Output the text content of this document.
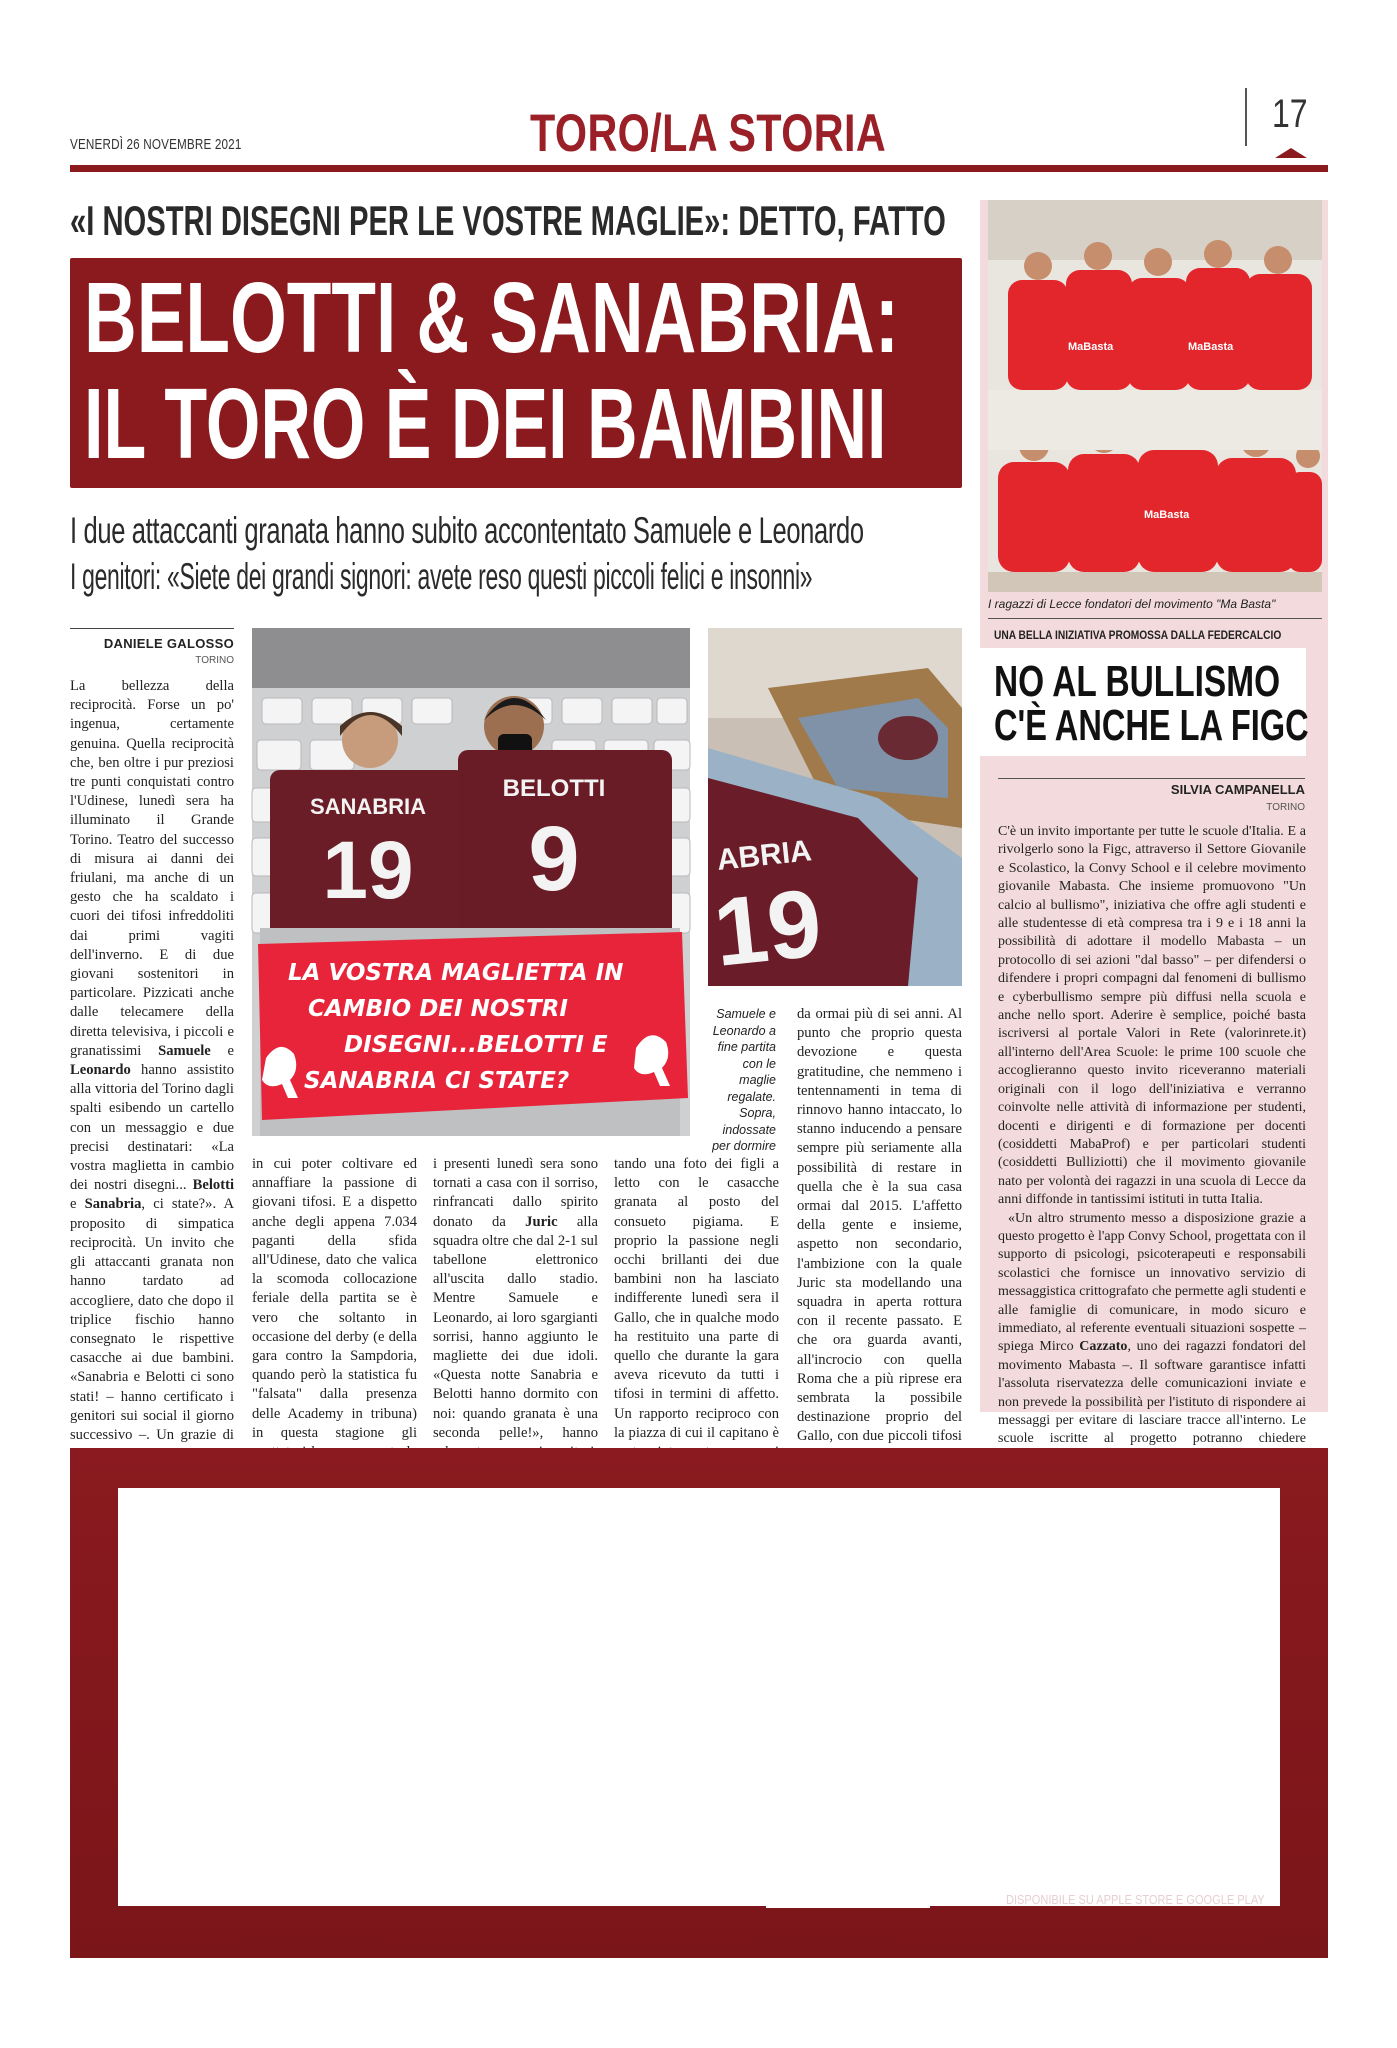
VENERDÌ 26 NOVEMBRE 2021	TORO/LA STORIA	17
«I NOSTRI DISEGNI PER LE VOSTRE MAGLIE»: DETTO, FATTO
BELOTTI & SANABRIA:
IL TORO È DEI BAMBINI
I due attaccanti granata hanno subito accontentato Samuele e Leonardo
I genitori: «Siete dei grandi signori: avete reso questi piccoli felici e insonni»
DANIELE GALOSSO
TORINO
SANABRIA
19
BELOTTI
9
LA VOSTRA MAGLIETTA IN
CAMBIO DEI NOSTRI
DISEGNI...BELOTTI E
SANABRIA CI STATE?
ABRIA
19
Samuele e Leonardo a fine partita con le maglie regalate. Sopra, indossate per dormire
La bellezza della reciprocità. Forse un po' ingenua, certamente genuina. Quella reciprocità che, ben oltre i pur preziosi tre punti conquistati contro l'Udinese, lunedì sera ha illuminato il Grande Torino. Teatro del successo di misura ai danni dei friulani, ma anche di un gesto che ha scaldato i cuori dei tifosi infreddoliti dai primi vagiti dell'inverno. E di due giovani sostenitori in particolare. Pizzicati anche dalle telecamere della diretta televisiva, i piccoli e granatissimi Samuele e Leonardo hanno assistito alla vittoria del Torino dagli spalti esibendo un cartello con un messaggio e due precisi destinatari: «La vostra maglietta in cambio dei nostri disegni... Belotti e Sanabria, ci state?». A proposito di simpatica reciprocità. Un invito che gli attaccanti granata non hanno tardato ad accogliere, dato che dopo il triplice fischio hanno consegnato le rispettive casacche ai due bambini. «Sanabria e Belotti ci sono stati! – hanno certificato i genitori sui social il giorno successivo –. Un grazie di
in cui poter coltivare ed annaffiare la passione di giovani tifosi. E a dispetto anche degli appena 7.034 paganti della sfida all'Udinese, dato che valica la scomoda collocazione feriale della partita se è vero che soltanto in occasione del derby (e della gara contro la Sampdoria, quando però la statistica fu "falsata" dalla presenza delle Academy in tribuna) in questa stagione gli
i presenti lunedì sera sono tornati a casa con il sorriso, rinfrancati dallo spirito donato da Juric alla squadra oltre che dal 2-1 sul tabellone elettronico all'uscita dallo stadio. Mentre Samuele e Leonardo, ai loro sgargianti sorrisi, hanno aggiunto le magliette dei due idoli. «Questa notte Sanabria e Belotti hanno dormito con noi: quando granata è una seconda pelle!», hanno
tando una foto dei figli a letto con le casacche granata al posto del consueto pigiama. E proprio la passione negli occhi brillanti dei due bambini non ha lasciato indifferente lunedì sera il Gallo, che in qualche modo ha restituito una parte di quello che durante la gara aveva ricevuto da tutti i tifosi in termini di affetto. Un rapporto reciproco con la piazza di cui il capitano è
da ormai più di sei anni. Al punto che proprio questa devozione e questa gratitudine, che nemmeno i tentennamenti in tema di rinnovo hanno intaccato, lo stanno inducendo a pensare sempre più seriamente alla possibilità di restare in quella che è la sua casa ormai dal 2015. L'affetto della gente e insieme, aspetto non secondario, l'ambizione con la quale Juric sta modellando una squadra in aperta rottura con il recente passato. E che ora guarda avanti, all'incrocio con quella Roma che a più riprese era sembrata la possibile destinazione proprio del Gallo, con due piccoli tifosi
MaBasta	MaBasta
MaBasta
I ragazzi di Lecce fondatori del movimento "Ma Basta"
UNA BELLA INIZIATIVA PROMOSSA DALLA FEDERCALCIO
NO AL BULLISMO
C'È ANCHE LA FIGC
SILVIA CAMPANELLA
TORINO
C'è un invito importante per tutte le scuole d'Italia. E a rivolgerlo sono la Figc, attraverso il Settore Giovanile e Scolastico, la Convy School e il celebre movimento giovanile Mabasta. Che insieme promuovono "Un calcio al bullismo", iniziativa che offre agli studenti e alle studentesse di età compresa tra i 9 e i 18 anni la possibilità di adottare il modello Mabasta – un protocollo di sei azioni "dal basso" – per difendersi o difendere i propri compagni dal fenomeni di bullismo e cyberbullismo sempre più diffusi nella scuola e anche nello sport. Aderire è semplice, poiché basta iscriversi al portale Valori in Rete (valorinrete.it) all'interno dell'Area Scuole: le prime 100 scuole che accoglieranno questo invito riceveranno materiali originali con il logo dell'iniziativa e verranno coinvolte nelle attività di informazione per studenti, docenti e dirigenti e di formazione per docenti (cosiddetti MabaProf) e per particolari studenti (cosiddetti Bulliziotti) che il movimento giovanile nato per volontà dei ragazzi in una scuola di Lecce da anni diffonde in tantissimi istituti in tutta Italia.
«Un altro strumento messo a disposizione grazie a questo progetto è l'app Convy School, progettata con il supporto di psicologi, psicoterapeuti e responsabili scolastici che fornisce un innovativo servizio di messaggistica crittografato che permette agli studenti e alle famiglie di comunicare, in modo sicuro e immediato, al referente eventuali situazioni sospette – spiega Mirco Cazzato, uno dei ragazzi fondatori del movimento Mabasta –. Il software garantisce infatti l'assoluta riservatezza delle comunicazioni inviate e non prevede la possibilità per l'istituto di rispondere ai messaggi per evitare di lasciare tracce all'interno. Le scuole iscritte al progetto potranno chiedere
DISPONIBILE SU APPLE STORE E GOOGLE PLAY
